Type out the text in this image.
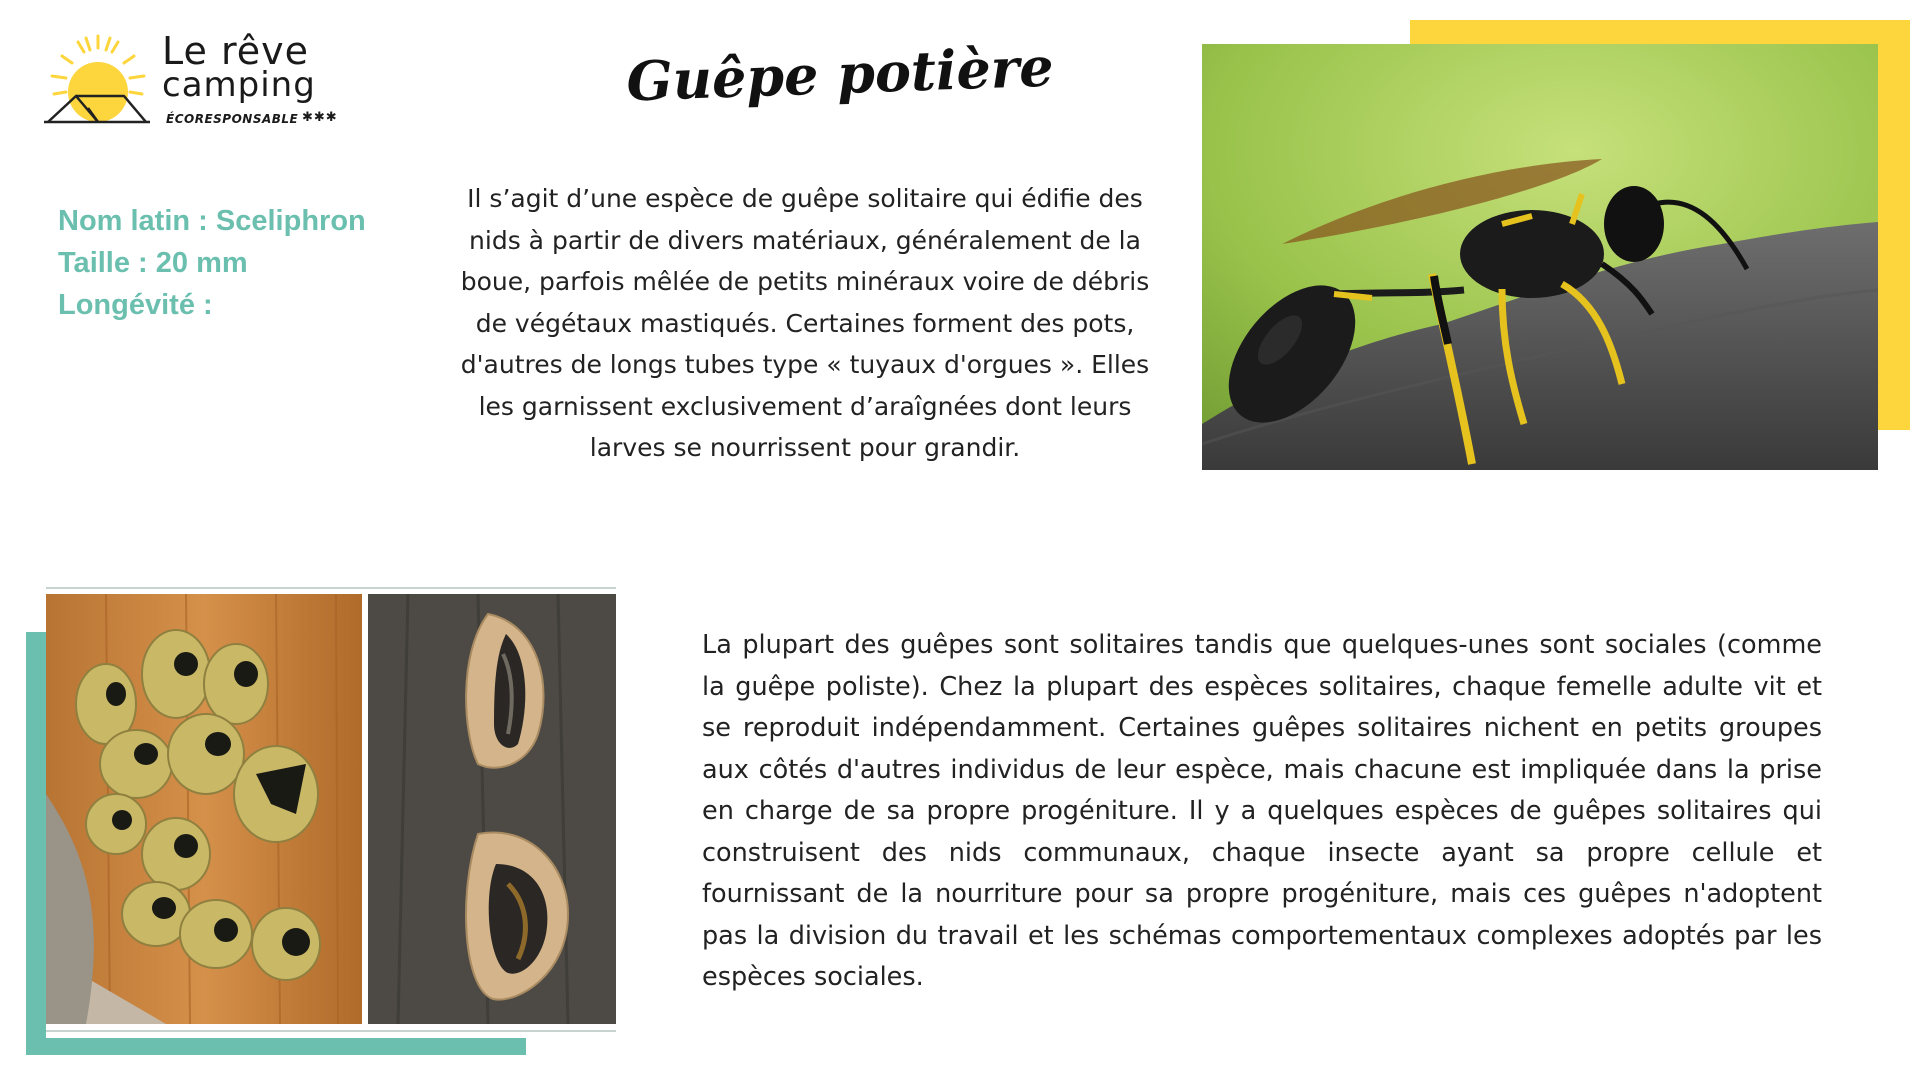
Le rêve
camping
ÉCORESPONSABLE ✱✱✱
Guêpe potière
Nom latin : Sceliphron
Taille : 20 mm
Longévité :
Il s’agit d’une espèce de guêpe solitaire qui édifie des nids à partir de divers matériaux, généralement de la boue, parfois mêlée de petits minéraux voire de débris de végétaux mastiqués. Certaines forment des pots, d'autres de longs tubes type « tuyaux d'orgues ». Elles les garnissent exclusivement d’araîgnées dont leurs larves se nourrissent pour grandir.
La plupart des guêpes sont solitaires tandis que quelques-unes sont sociales (comme la guêpe poliste). Chez la plupart des espèces solitaires, chaque femelle adulte vit et se reproduit indépendamment. Certaines guêpes solitaires nichent en petits groupes aux côtés d'autres individus de leur espèce, mais chacune est impliquée dans la prise en charge de sa propre progéniture. Il y a quelques espèces de guêpes solitaires qui construisent des nids communaux, chaque insecte ayant sa propre cellule et fournissant de la nourriture pour sa propre progéniture, mais ces guêpes n'adoptent pas la division du travail et les schémas comportementaux complexes adoptés par les espèces sociales.
